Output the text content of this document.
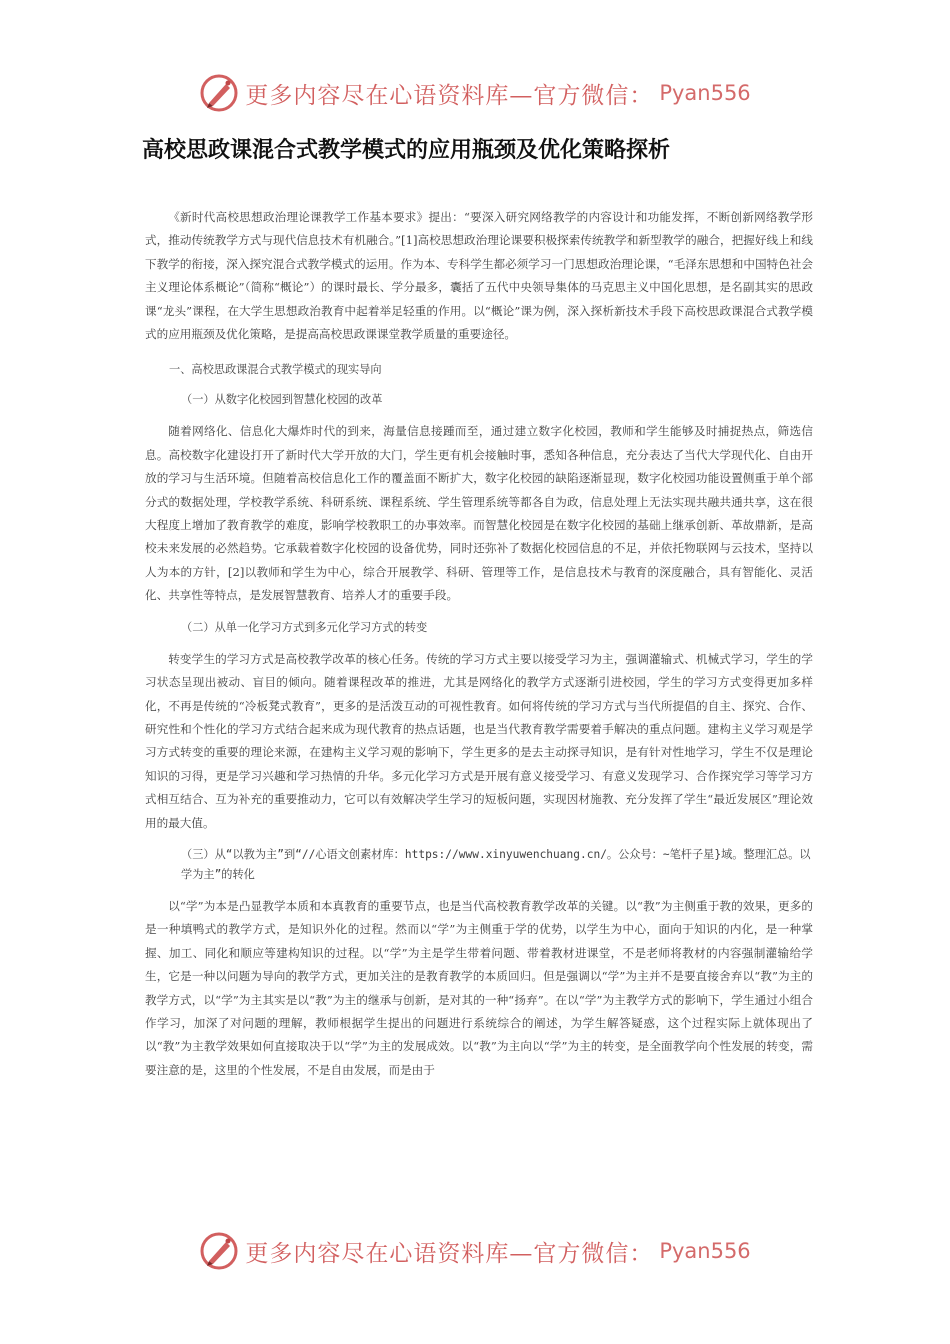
更多内容尽在心语资料库—官方微信： Pyan556
高校思政课混合式教学模式的应用瓶颈及优化策略探析

《新时代高校思想政治理论课教学工作基本要求》提出：“要深入研究网络教学的内容设计和功能发挥，不断创新网络教学形式，推动传统教学方式与现代信息技术有机融合。”[1]高校思想政治理论课要积极探索传统教学和新型教学的融合，把握好线上和线下教学的衔接，深入探究混合式教学模式的运用。作为本、专科学生都必须学习一门思想政治理论课，“毛泽东思想和中国特色社会主义理论体系概论”（简称“概论”）的课时最长、学分最多，囊括了五代中央领导集体的马克思主义中国化思想，是名副其实的思政课“龙头”课程，在大学生思想政治教育中起着举足轻重的作用。以“概论”课为例，深入探析新技术手段下高校思政课混合式教学模式的应用瓶颈及优化策略，是提高高校思政课课堂教学质量的重要途径。

一、高校思政课混合式教学模式的现实导向

（一）从数字化校园到智慧化校园的改革

随着网络化、信息化大爆炸时代的到来，海量信息接踵而至，通过建立数字化校园，教师和学生能够及时捕捉热点，筛选信息。高校数字化建设打开了新时代大学开放的大门，学生更有机会接触时事，悉知各种信息，充分表达了当代大学现代化、自由开放的学习与生活环境。但随着高校信息化工作的覆盖面不断扩大，数字化校园的缺陷逐渐显现，数字化校园功能设置侧重于单个部分式的数据处理，学校教学系统、科研系统、课程系统、学生管理系统等都各自为政，信息处理上无法实现共融共通共享，这在很大程度上增加了教育教学的难度，影响学校教职工的办事效率。而智慧化校园是在数字化校园的基础上继承创新、革故鼎新，是高校未来发展的必然趋势。它承载着数字化校园的设备优势，同时还弥补了数据化校园信息的不足，并依托物联网与云技术，坚持以人为本的方针，[2]以教师和学生为中心，综合开展教学、科研、管理等工作，是信息技术与教育的深度融合，具有智能化、灵活化、共享性等特点，是发展智慧教育、培养人才的重要手段。

（二）从单一化学习方式到多元化学习方式的转变

转变学生的学习方式是高校教学改革的核心任务。传统的学习方式主要以接受学习为主，强调灌输式、机械式学习，学生的学习状态呈现出被动、盲目的倾向。随着课程改革的推进，尤其是网络化的教学方式逐渐引进校园，学生的学习方式变得更加多样化，不再是传统的“冷板凳式教育”，更多的是活泼互动的可视性教育。如何将传统的学习方式与当代所提倡的自主、探究、合作、研究性和个性化的学习方式结合起来成为现代教育的热点话题，也是当代教育教学需要着手解决的重点问题。建构主义学习观是学习方式转变的重要的理论来源，在建构主义学习观的影响下，学生更多的是去主动探寻知识，是有针对性地学习，学生不仅是理论知识的习得，更是学习兴趣和学习热情的升华。多元化学习方式是开展有意义接受学习、有意义发现学习、合作探究学习等学习方式相互结合、互为补充的重要推动力，它可以有效解决学生学习的短板问题，实现因材施教、充分发挥了学生“最近发展区”理论效用的最大值。

（三）从“以教为主”到“//心语文创素材库：https://www.xinyuwenchuang.cn/。公众号：~笔杆子星}域。整理汇总。以学为主”的转化

以“学”为本是凸显教学本质和本真教育的重要节点，也是当代高校教育教学改革的关键。以“教”为主侧重于教的效果，更多的是一种填鸭式的教学方式，是知识外化的过程。然而以“学”为主侧重于学的优势，以学生为中心，面向于知识的内化，是一种掌握、加工、同化和顺应等建构知识的过程。以“学”为主是学生带着问题、带着教材进课堂，不是老师将教材的内容强制灌输给学生，它是一种以问题为导向的教学方式，更加关注的是教育教学的本质回归。但是强调以“学”为主并不是要直接舍弃以“教”为主的教学方式，以“学”为主其实是以“教”为主的继承与创新，是对其的一种“扬弃”。在以“学”为主教学方式的影响下，学生通过小组合作学习，加深了对问题的理解，教师根据学生提出的问题进行系统综合的阐述，为学生解答疑惑，这个过程实际上就体现出了以“教”为主教学效果如何直接取决于以“学”为主的发展成效。以“教”为主向以“学”为主的转变，是全面教学向个性发展的转变，需要注意的是，这里的个性发展，不是自由发展，而是由于

更多内容尽在心语资料库—官方微信： Pyan556
